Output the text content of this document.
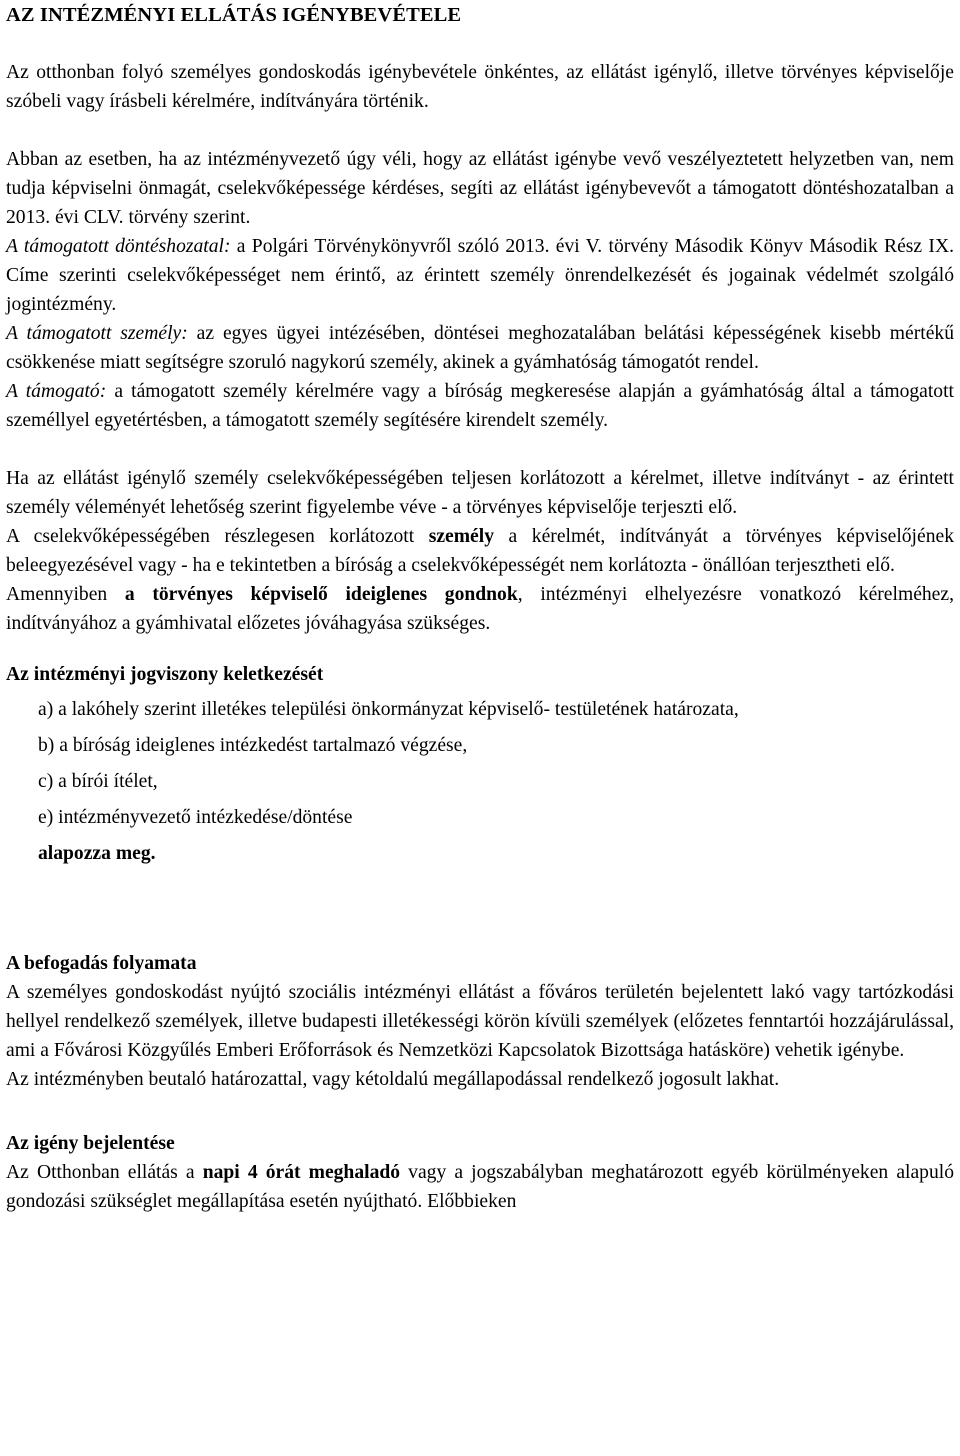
AZ INTÉZMÉNYI ELLÁTÁS IGÉNYBEVÉTELE

Az otthonban folyó személyes gondoskodás igénybevétele önkéntes, az ellátást igénylő, illetve törvényes képviselője szóbeli vagy írásbeli kérelmére, indítványára történik.

Abban az esetben, ha az intézményvezető úgy véli, hogy az ellátást igénybe vevő veszélyeztetett helyzetben van, nem tudja képviselni önmagát, cselekvőképessége kérdéses, segíti az ellátást igénybevevőt a támogatott döntéshozatalban a 2013. évi CLV. törvény szerint.

A támogatott döntéshozatal: a Polgári Törvénykönyvről szóló 2013. évi V. törvény Második Könyv Második Rész IX. Címe szerinti cselekvőképességet nem érintő, az érintett személy önrendelkezését és jogainak védelmét szolgáló jogintézmény.

A támogatott személy: az egyes ügyei intézésében, döntései meghozatalában belátási képességének kisebb mértékű csökkenése miatt segítségre szoruló nagykorú személy, akinek a gyámhatóság támogatót rendel.

A támogató: a támogatott személy kérelmére vagy a bíróság megkeresése alapján a gyámhatóság által a támogatott személlyel egyetértésben, a támogatott személy segítésére kirendelt személy.

Ha az ellátást igénylő személy cselekvőképességében teljesen korlátozott a kérelmet, illetve indítványt - az érintett személy véleményét lehetőség szerint figyelembe véve - a törvényes képviselője terjeszti elő.

A cselekvőképességében részlegesen korlátozott személy a kérelmét, indítványát a törvényes képviselőjének beleegyezésével vagy - ha e tekintetben a bíróság a cselekvőképességét nem korlátozta - önállóan terjesztheti elő.

Amennyiben a törvényes képviselő ideiglenes gondnok, intézményi elhelyezésre vonatkozó kérelméhez, indítványához a gyámhivatal előzetes jóváhagyása szükséges.

Az intézményi jogviszony keletkezését
a) a lakóhely szerint illetékes települési önkormányzat képviselő- testületének határozata,
b) a bíróság ideiglenes intézkedést tartalmazó végzése,
c) a bírói ítélet,
e) intézményvezető intézkedése/döntése
alapozza meg.
A befogadás folyamata

A személyes gondoskodást nyújtó szociális intézményi ellátást a főváros területén bejelentett lakó vagy tartózkodási hellyel rendelkező személyek, illetve budapesti illetékességi körön kívüli személyek (előzetes fenntartói hozzájárulással, ami a Fővárosi Közgyűlés Emberi Erőforrások és Nemzetközi Kapcsolatok Bizottsága hatásköre) vehetik igénybe.

Az intézményben beutaló határozattal, vagy kétoldalú megállapodással rendelkező jogosult lakhat.

Az igény bejelentése

Az Otthonban ellátás a napi 4 órát meghaladó vagy a jogszabályban meghatározott egyéb körülményeken alapuló gondozási szükséglet megállapítása esetén nyújtható. Előbbieken
